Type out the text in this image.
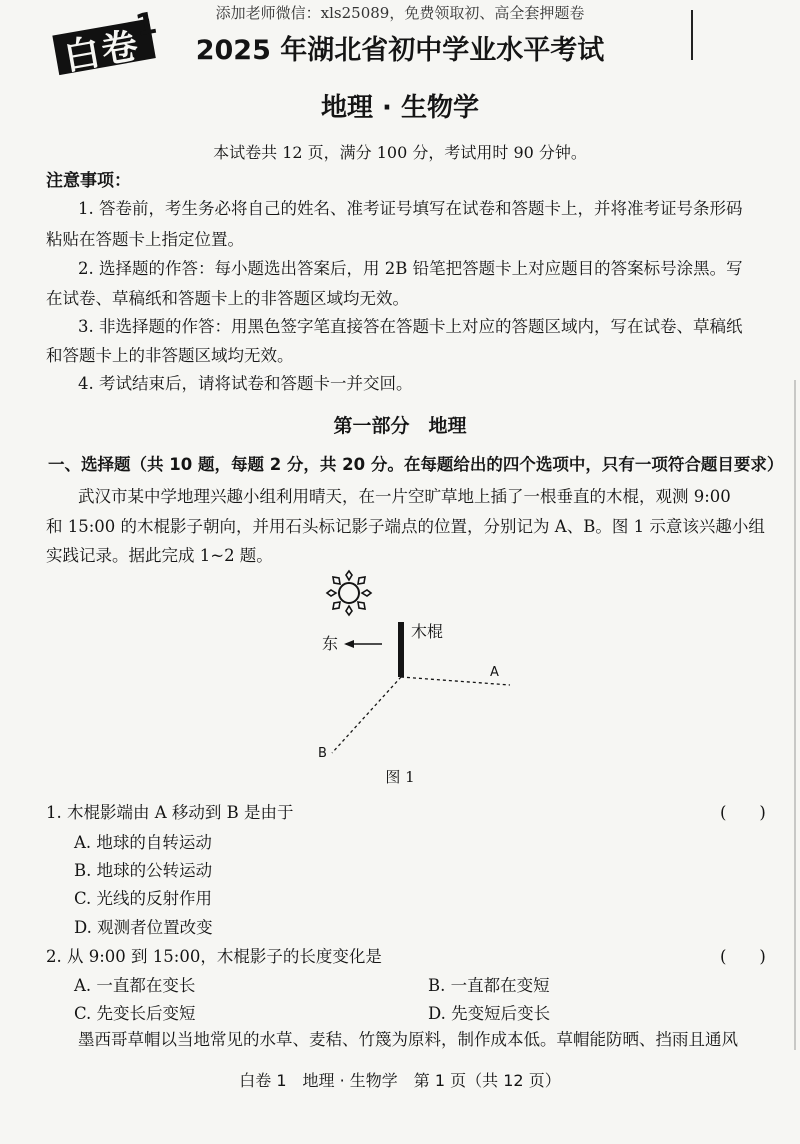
添加老师微信：xls25089，免费领取初、高全套押题卷
白卷
1
2025 年湖北省初中学业水平考试
地理 · 生物学
本试卷共 12 页，满分 100 分，考试用时 90 分钟。
注意事项：
1. 答卷前，考生务必将自己的姓名、准考证号填写在试卷和答题卡上，并将准考证号条形码
粘贴在答题卡上指定位置。
2. 选择题的作答：每小题选出答案后，用 2B 铅笔把答题卡上对应题目的答案标号涂黑。写
在试卷、草稿纸和答题卡上的非答题区域均无效。
3. 非选择题的作答：用黑色签字笔直接答在答题卡上对应的答题区域内，写在试卷、草稿纸
和答题卡上的非答题区域均无效。
4. 考试结束后，请将试卷和答题卡一并交回。
第一部分　地理
一、选择题（共 10 题，每题 2 分，共 20 分。在每题给出的四个选项中，只有一项符合题目要求）
武汉市某中学地理兴趣小组利用晴天，在一片空旷草地上插了一根垂直的木棍，观测 9:00
和 15:00 的木棍影子朝向，并用石头标记影子端点的位置，分别记为 A、B。图 1 示意该兴趣小组
实践记录。据此完成 1~2 题。
东
木棍
A
B
图 1
1. 木棍影端由 A 移动到 B 是由于	(　　)
A. 地球的自转运动
B. 地球的公转运动
C. 光线的反射作用
D. 观测者位置改变
2. 从 9:00 到 15:00，木棍影子的长度变化是	(　　)
A. 一直都在变长	B. 一直都在变短
C. 先变长后变短	D. 先变短后变长
墨西哥草帽以当地常见的水草、麦秸、竹篾为原料，制作成本低。草帽能防晒、挡雨且通风
白卷 1　地理 · 生物学　第 1 页（共 12 页）
